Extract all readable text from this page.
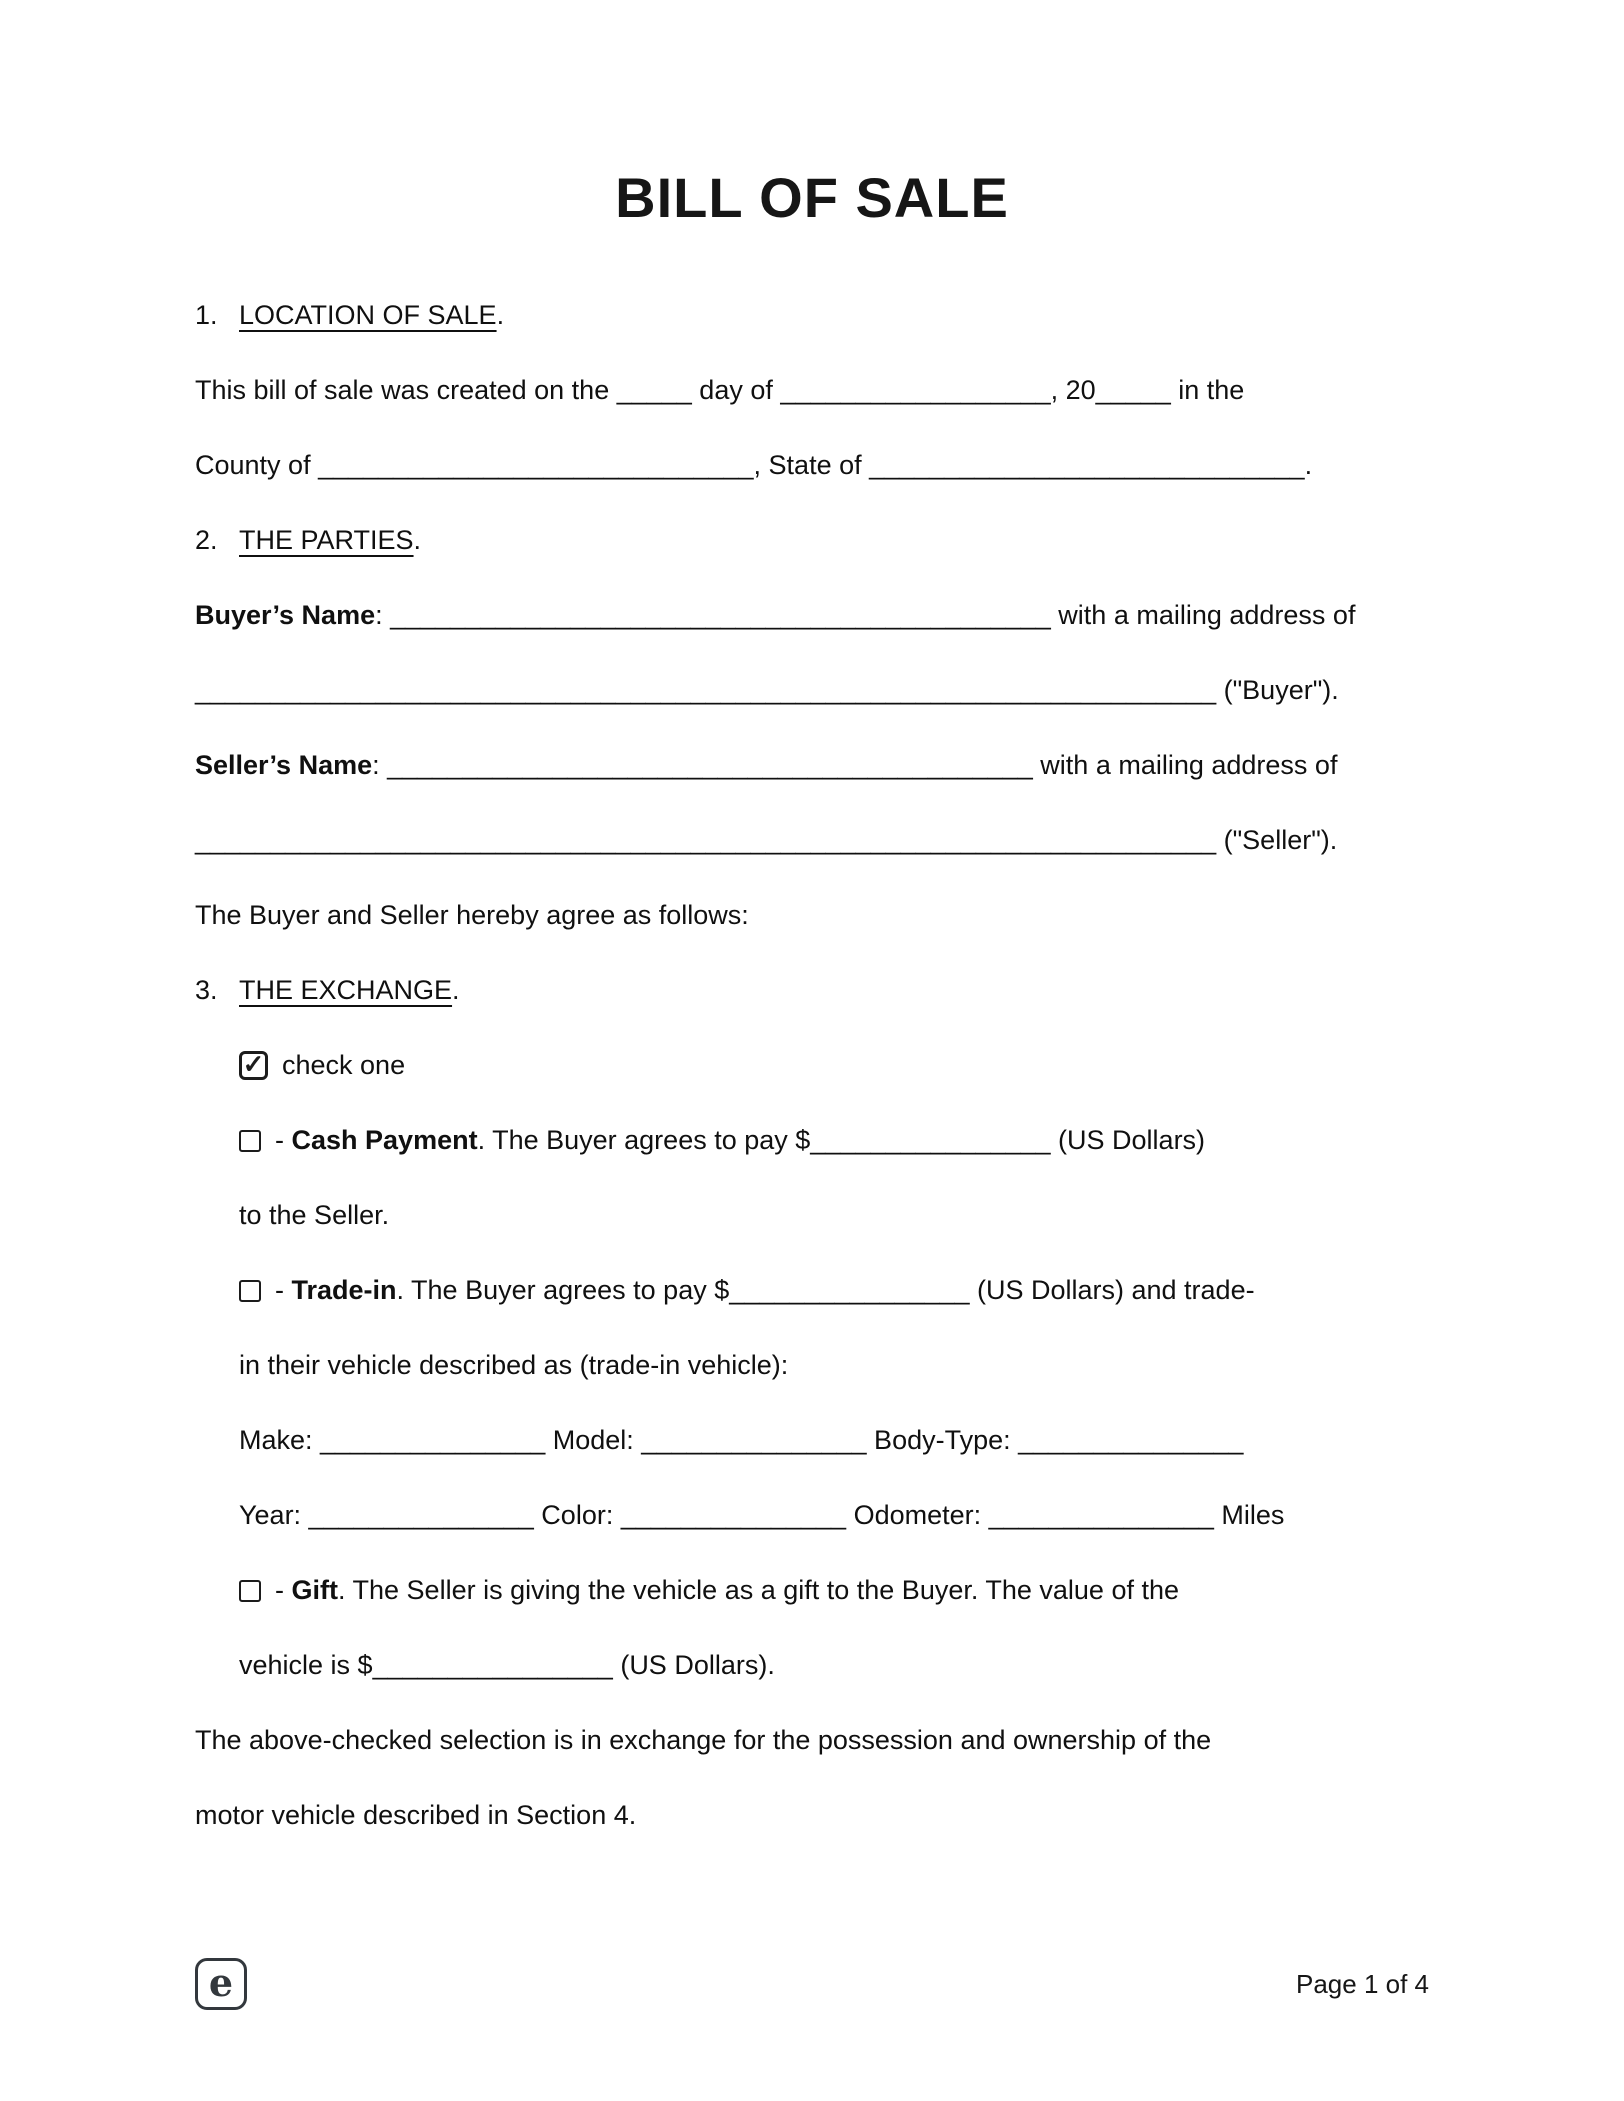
BILL OF SALE
1. LOCATION OF SALE .
This bill of sale was created on the _____ day of __________________, 20_____ in the
County of _____________________________, State of _____________________________.
2. THE PARTIES .
Buyer’s Name : ____________________________________________ with a mailing address of
____________________________________________________________________ ("Buyer").
Seller’s Name : ___________________________________________ with a mailing address of
____________________________________________________________________ ("Seller").
The Buyer and Seller hereby agree as follows:
3. THE EXCHANGE .
✓ check one
- Cash Payment . The Buyer agrees to pay $________________ (US Dollars)
to the Seller.
- Trade-in . The Buyer agrees to pay $________________ (US Dollars) and trade-
in their vehicle described as (trade-in vehicle):
Make: _______________ Model: _______________ Body-Type: _______________
Year: _______________ Color: _______________ Odometer: _______________ Miles
- Gift . The Seller is giving the vehicle as a gift to the Buyer. The value of the
vehicle is $________________ (US Dollars).
The above-checked selection is in exchange for the possession and ownership of the
motor vehicle described in Section 4.
e	Page 1 of 4
